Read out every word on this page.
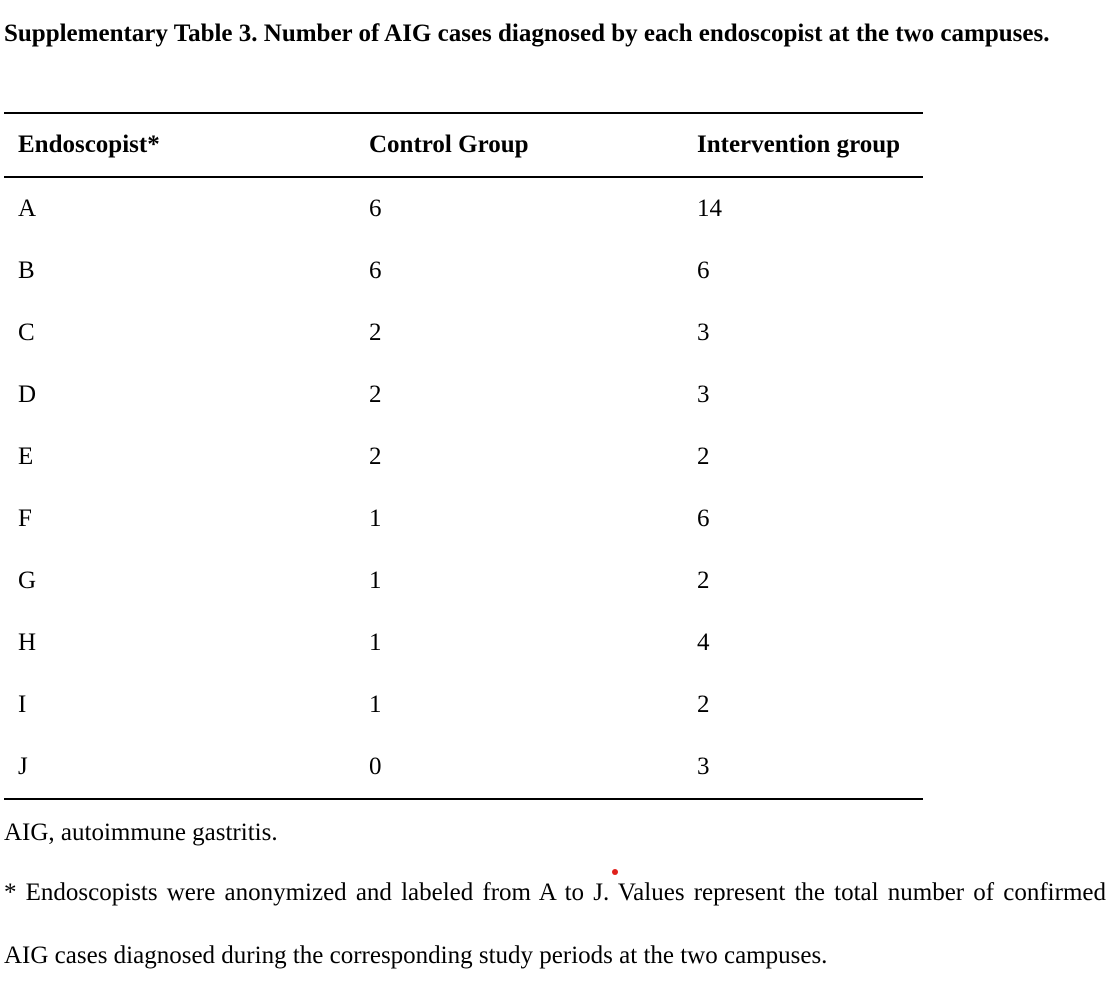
Supplementary Table 3. Number of AIG cases diagnosed by each endoscopist at the two campuses.

Endoscopist*	Control Group	Intervention group
A	6	14
B	6	6
C	2	3
D	2	3
E	2	2
F	1	6
G	1	2
H	1	4
I	1	2
J	0	3

AIG, autoimmune gastritis.

* Endoscopists were anonymized and labeled from A to J. Values represent the total number of confirmed AIG cases diagnosed during the corresponding study periods at the two campuses.
